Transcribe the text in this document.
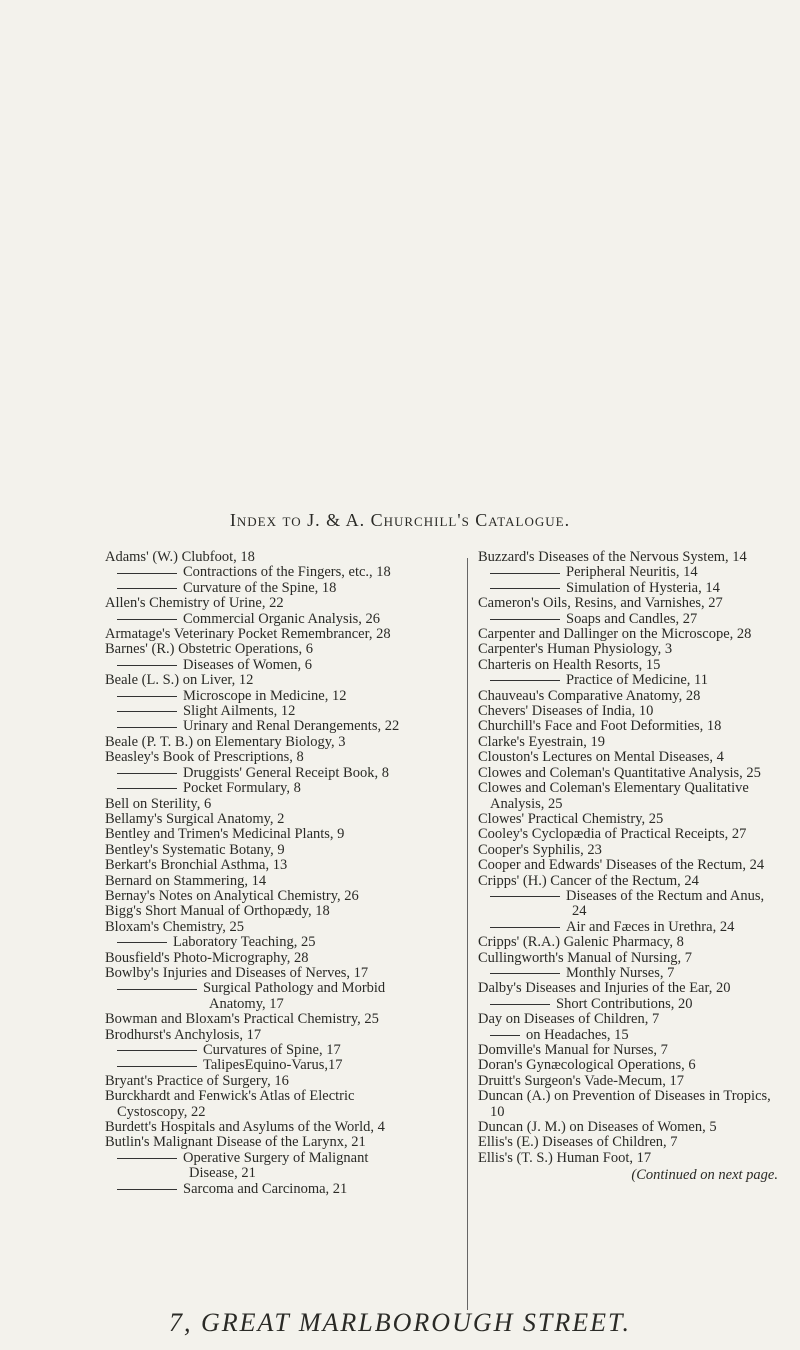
Index to J. & A. Churchill's Catalogue.

Adams' (W.) Clubfoot, 18

Contractions of the Fingers, etc., 18

Curvature of the Spine, 18

Allen's Chemistry of Urine, 22

Commercial Organic Analysis, 26

Armatage's Veterinary Pocket Remembrancer, 28

Barnes' (R.) Obstetric Operations, 6

Diseases of Women, 6

Beale (L. S.) on Liver, 12

Microscope in Medicine, 12

Slight Ailments, 12

Urinary and Renal Derangements, 22

Beale (P. T. B.) on Elementary Biology, 3

Beasley's Book of Prescriptions, 8

Druggists' General Receipt Book, 8

Pocket Formulary, 8

Bell on Sterility, 6

Bellamy's Surgical Anatomy, 2

Bentley and Trimen's Medicinal Plants, 9

Bentley's Systematic Botany, 9

Berkart's Bronchial Asthma, 13

Bernard on Stammering, 14

Bernay's Notes on Analytical Chemistry, 26

Bigg's Short Manual of Orthopædy, 18

Bloxam's Chemistry, 25

Laboratory Teaching, 25

Bousfield's Photo-Micrography, 28

Bowlby's Injuries and Diseases of Nerves, 17

Surgical Pathology and Morbid Anatomy, 17

Bowman and Bloxam's Practical Chemistry, 25

Brodhurst's Anchylosis, 17

Curvatures of Spine, 17

TalipesEquino-Varus,17

Bryant's Practice of Surgery, 16

Burckhardt and Fenwick's Atlas of Electric Cystoscopy, 22

Burdett's Hospitals and Asylums of the World, 4

Butlin's Malignant Disease of the Larynx, 21

Operative Surgery of Malignant Disease, 21

Sarcoma and Carcinoma, 21

Buzzard's Diseases of the Nervous System, 14

Peripheral Neuritis, 14

Simulation of Hysteria, 14

Cameron's Oils, Resins, and Varnishes, 27

Soaps and Candles, 27

Carpenter and Dallinger on the Microscope, 28

Carpenter's Human Physiology, 3

Charteris on Health Resorts, 15

Practice of Medicine, 11

Chauveau's Comparative Anatomy, 28

Chevers' Diseases of India, 10

Churchill's Face and Foot Deformities, 18

Clarke's Eyestrain, 19

Clouston's Lectures on Mental Diseases, 4

Clowes and Coleman's Quantitative Analysis, 25

Clowes and Coleman's Elementary Qualitative Analysis, 25

Clowes' Practical Chemistry, 25

Cooley's Cyclopædia of Practical Receipts, 27

Cooper's Syphilis, 23

Cooper and Edwards' Diseases of the Rectum, 24

Cripps' (H.) Cancer of the Rectum, 24

Diseases of the Rectum and Anus, 24

Air and Fæces in Urethra, 24

Cripps' (R.A.) Galenic Pharmacy, 8

Cullingworth's Manual of Nursing, 7

Monthly Nurses, 7

Dalby's Diseases and Injuries of the Ear, 20

Short Contributions, 20

Day on Diseases of Children, 7

on Headaches, 15

Domville's Manual for Nurses, 7

Doran's Gynæcological Operations, 6

Druitt's Surgeon's Vade-Mecum, 17

Duncan (A.) on Prevention of Diseases in Tropics, 10

Duncan (J. M.) on Diseases of Women, 5

Ellis's (E.) Diseases of Children, 7

Ellis's (T. S.) Human Foot, 17

(Continued on next page.
7, GREAT MARLBOROUGH STREET.
